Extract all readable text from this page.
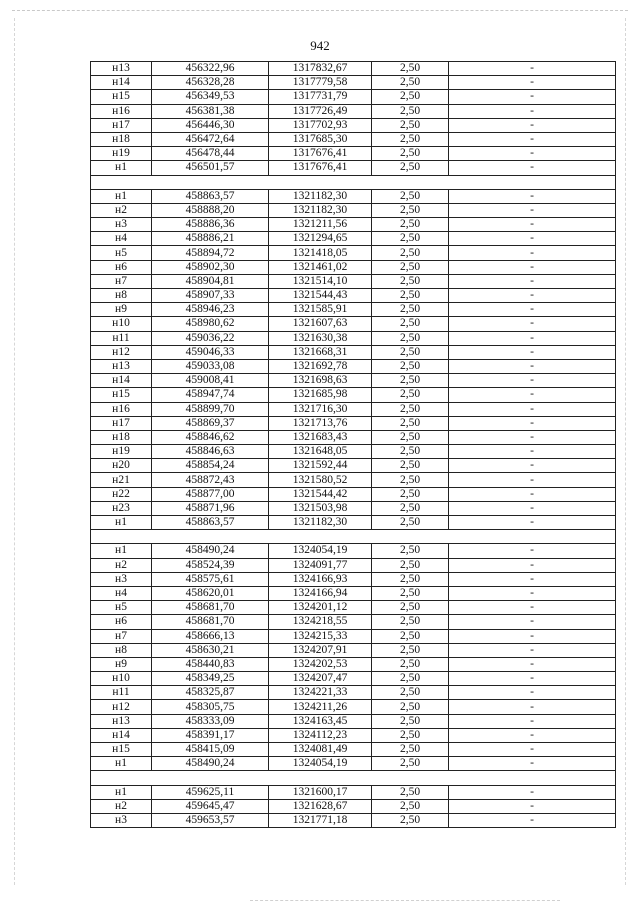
942
н13	456322,96	1317832,67	2,50	-
н14	456328,28	1317779,58	2,50	-
н15	456349,53	1317731,79	2,50	-
н16	456381,38	1317726,49	2,50	-
н17	456446,30	1317702,93	2,50	-
н18	456472,64	1317685,30	2,50	-
н19	456478,44	1317676,41	2,50	-
н1	456501,57	1317676,41	2,50	-

н1	458863,57	1321182,30	2,50	-
н2	458888,20	1321182,30	2,50	-
н3	458886,36	1321211,56	2,50	-
н4	458886,21	1321294,65	2,50	-
н5	458894,72	1321418,05	2,50	-
н6	458902,30	1321461,02	2,50	-
н7	458904,81	1321514,10	2,50	-
н8	458907,33	1321544,43	2,50	-
н9	458946,23	1321585,91	2,50	-
н10	458980,62	1321607,63	2,50	-
н11	459036,22	1321630,38	2,50	-
н12	459046,33	1321668,31	2,50	-
н13	459033,08	1321692,78	2,50	-
н14	459008,41	1321698,63	2,50	-
н15	458947,74	1321685,98	2,50	-
н16	458899,70	1321716,30	2,50	-
н17	458869,37	1321713,76	2,50	-
н18	458846,62	1321683,43	2,50	-
н19	458846,63	1321648,05	2,50	-
н20	458854,24	1321592,44	2,50	-
н21	458872,43	1321580,52	2,50	-
н22	458877,00	1321544,42	2,50	-
н23	458871,96	1321503,98	2,50	-
н1	458863,57	1321182,30	2,50	-

н1	458490,24	1324054,19	2,50	-
н2	458524,39	1324091,77	2,50	-
н3	458575,61	1324166,93	2,50	-
н4	458620,01	1324166,94	2,50	-
н5	458681,70	1324201,12	2,50	-
н6	458681,70	1324218,55	2,50	-
н7	458666,13	1324215,33	2,50	-
н8	458630,21	1324207,91	2,50	-
н9	458440,83	1324202,53	2,50	-
н10	458349,25	1324207,47	2,50	-
н11	458325,87	1324221,33	2,50	-
н12	458305,75	1324211,26	2,50	-
н13	458333,09	1324163,45	2,50	-
н14	458391,17	1324112,23	2,50	-
н15	458415,09	1324081,49	2,50	-
н1	458490,24	1324054,19	2,50	-

н1	459625,11	1321600,17	2,50	-
н2	459645,47	1321628,67	2,50	-
н3	459653,57	1321771,18	2,50	-
